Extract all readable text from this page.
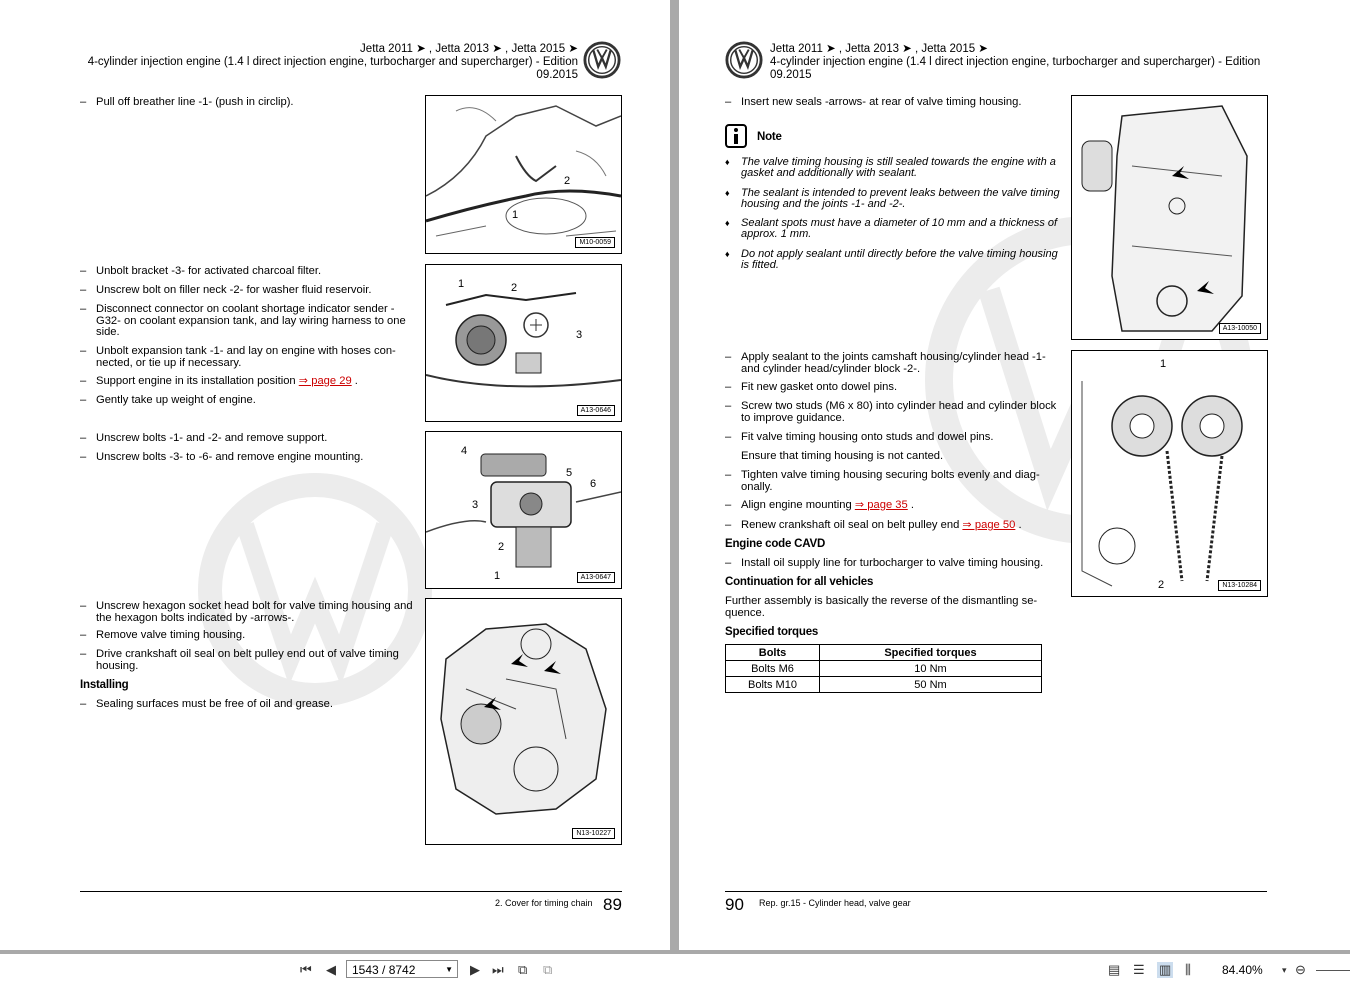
Jetta 2011 ➤ , Jetta 2013 ➤ , Jetta 2015 ➤
4-cylinder injection engine (1.4 l direct injection engine, turbocharger and supercharger) - Edition
09.2015
– Pull off breather line -1- (push in circlip).
– Unbolt bracket -3- for activated charcoal filter.
– Unscrew bolt on filler neck -2- for washer fluid reservoir.
– Disconnect connector on coolant shortage indicator sender -G32- on coolant expansion tank, and lay wiring harness to one side.
– Unbolt expansion tank -1- and lay on engine with hoses con-nected, or tie up if necessary.
– Support engine in its installation position ⇒ page 29 .
– Gently take up weight of engine.
– Unscrew bolts -1- and -2- and remove support.
– Unscrew bolts -3- to -6- and remove engine mounting.
– Unscrew hexagon socket head bolt for valve timing housing and the hexagon bolts indicated by -arrows-.
– Remove valve timing housing.
– Drive crankshaft oil seal on belt pulley end out of valve timing housing.
Installing
– Sealing surfaces must be free of oil and grease.
1
2
M10-0059
1	2
3
A13-0646
4
5
6
3
2
1	A13-0647
N13-10227
2. Cover for timing chain 89
Jetta 2011 ➤ , Jetta 2013 ➤ , Jetta 2015 ➤
4-cylinder injection engine (1.4 l direct injection engine, turbocharger and supercharger) - Edition
09.2015
– Insert new seals -arrows- at rear of valve timing housing.
Note
♦ The valve timing housing is still sealed towards the engine with a gasket and additionally with sealant.
♦ The sealant is intended to prevent leaks between the valve timing housing and the joints -1- and -2-.
♦ Sealant spots must have a diameter of 10 mm and a thickness of approx. 1 mm.
♦ Do not apply sealant until directly before the valve timing housing is fitted.
– Apply sealant to the joints camshaft housing/cylinder head -1- and cylinder head/cylinder block -2-.
– Fit new gasket onto dowel pins.
– Screw two studs (M6 x 80) into cylinder head and cylinder block to improve guidance.
– Fit valve timing housing onto studs and dowel pins.
Ensure that timing housing is not canted.
– Tighten valve timing housing securing bolts evenly and diag-onally.
– Align engine mounting ⇒ page 35 .
– Renew crankshaft oil seal on belt pulley end ⇒ page 50 .
Engine code CAVD
– Install oil supply line for turbocharger to valve timing housing.
Continuation for all vehicles
Further assembly is basically the reverse of the dismantling se-quence.
Specified torques
Bolts	Specified torques
Bolts M6	10 Nm
Bolts M10	50 Nm
A13-10050
1
2	N13-10284
90 Rep. gr.15 - Cylinder head, valve gear
⏮ ◀	▶ ⏭ ⧉ ⧉	▤ ☰ ▥ ⫼	▾ ⊖
1543 / 8742	▼	84.40%
